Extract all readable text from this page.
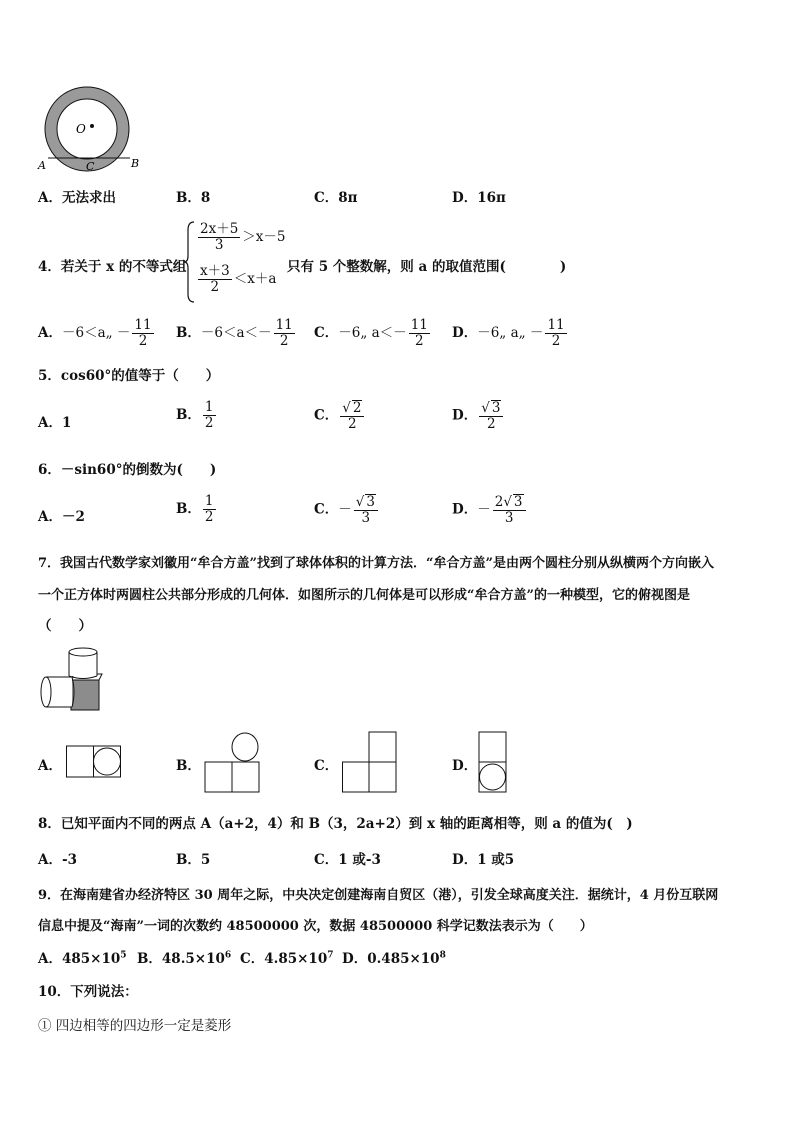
O
A	C	B
A．无法求出	B．8	C．8π	D．16π
4．若关于 x 的不等式组
$\frac{2x+5}{3} >x-5$
$\frac{x+3}{2} <x+a$
只有 5 个整数解，则 a 的取值范围(　　　　)
A．－6＜a„ － $\frac{11}{2}$ B．$-6<a<- \frac{11}{2}$ C．－6„ $a<- \frac{11}{2}$ D．－6„ a„ － $\frac{11}{2}$
5．cos60°的值等于（　　）
A．1
B． $\frac{1}{2}$	C． $\frac{√ 2}{2}$	D． $\frac{√ 3}{2}$
6．－sin60°的倒数为(　　)
A．－2
B． $\frac{1}{2}$	C．－ $\frac{√ 3}{3}$	D．－ $\frac{2√ 3}{3}$
7．我国古代数学家刘徽用“牟合方盖”找到了球体体积的计算方法．“牟合方盖”是由两个圆柱分别从纵横两个方向嵌入
一个正方体时两圆柱公共部分形成的几何体．如图所示的几何体是可以形成“牟合方盖”的一种模型，它的俯视图是
（　　）
A．	B．	C．	D．
8．已知平面内不同的两点 A（a+2，4）和 B（3，2a+2）到 x 轴的距离相等，则 a 的值为(　)
A．-3	B．5	C．1 或-3	D．1 或5
9．在海南建省办经济特区 30 周年之际，中央决定创建海南自贸区（港），引发全球高度关注．据统计，4 月份互联网
信息中提及“海南”一词的次数约 48500000 次，数据 48500000 科学记数法表示为（　　）
A．$485\times 10^5$ B．$48.5\times 10^6$ C．$4.85\times 10^7$ D．$0.485\times 10^8$
10．下列说法：
① 四边相等的四边形一定是菱形
